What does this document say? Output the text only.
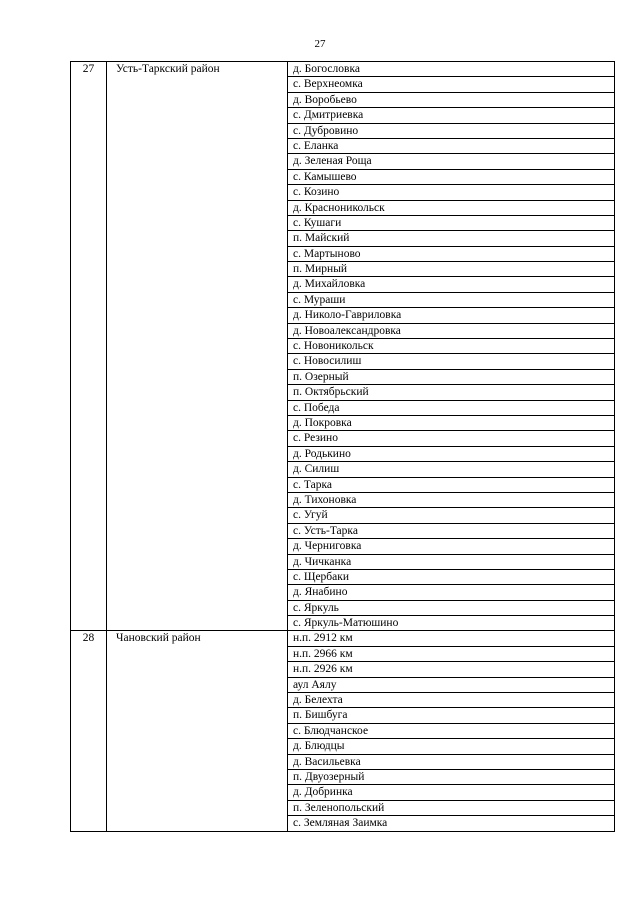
27
27	Усть-Таркский район	д. Богословка
		с. Верхнеомка
		д. Воробьево
		с. Дмитриевка
		с. Дубровино
		с. Еланка
		д. Зеленая Роща
		с. Камышево
		с. Козино
		д. Красноникольск
		с. Кушаги
		п. Майский
		с. Мартыново
		п. Мирный
		д. Михайловка
		с. Мураши
		д. Николо-Гавриловка
		д. Новоалександровка
		с. Новоникольск
		с. Новосилиш
		п. Озерный
		п. Октябрьский
		с. Победа
		д. Покровка
		с. Резино
		д. Родькино
		д. Силиш
		с. Тарка
		д. Тихоновка
		с. Угуй
		с. Усть-Тарка
		д. Черниговка
		д. Чичканка
		с. Щербаки
		д. Янабино
		с. Яркуль
		с. Яркуль-Матюшино
28	Чановский район	н.п. 2912 км
		н.п. 2966 км
		н.п. 2926 км
		аул Аялу
		д. Белехта
		п. Бишбуга
		с. Блюдчанское
		д. Блюдцы
		д. Васильевка
		п. Двуозерный
		д. Добринка
		п. Зеленопольский
		с. Земляная Заимка
